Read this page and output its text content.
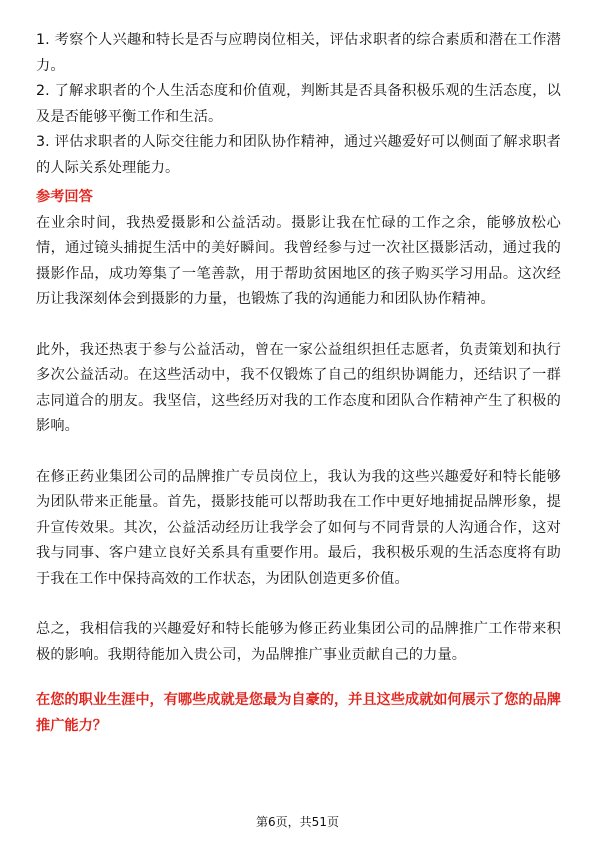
1. 考察个人兴趣和特长是否与应聘岗位相关，评估求职者的综合素质和潜在工作潜力。

2. 了解求职者的个人生活态度和价值观，判断其是否具备积极乐观的生活态度，以及是否能够平衡工作和生活。

3. 评估求职者的人际交往能力和团队协作精神，通过兴趣爱好可以侧面了解求职者的人际关系处理能力。

参考回答

在业余时间，我热爱摄影和公益活动。摄影让我在忙碌的工作之余，能够放松心情，通过镜头捕捉生活中的美好瞬间。我曾经参与过一次社区摄影活动，通过我的摄影作品，成功筹集了一笔善款，用于帮助贫困地区的孩子购买学习用品。这次经历让我深刻体会到摄影的力量，也锻炼了我的沟通能力和团队协作精神。

此外，我还热衷于参与公益活动，曾在一家公益组织担任志愿者，负责策划和执行多次公益活动。在这些活动中，我不仅锻炼了自己的组织协调能力，还结识了一群志同道合的朋友。我坚信，这些经历对我的工作态度和团队合作精神产生了积极的影响。

在修正药业集团公司的品牌推广专员岗位上，我认为我的这些兴趣爱好和特长能够为团队带来正能量。首先，摄影技能可以帮助我在工作中更好地捕捉品牌形象，提升宣传效果。其次，公益活动经历让我学会了如何与不同背景的人沟通合作，这对我与同事、客户建立良好关系具有重要作用。最后，我积极乐观的生活态度将有助于我在工作中保持高效的工作状态，为团队创造更多价值。

总之，我相信我的兴趣爱好和特长能够为修正药业集团公司的品牌推广工作带来积极的影响。我期待能加入贵公司，为品牌推广事业贡献自己的力量。

在您的职业生涯中，有哪些成就是您最为自豪的，并且这些成就如何展示了您的品牌推广能力？

第6页，共51页
